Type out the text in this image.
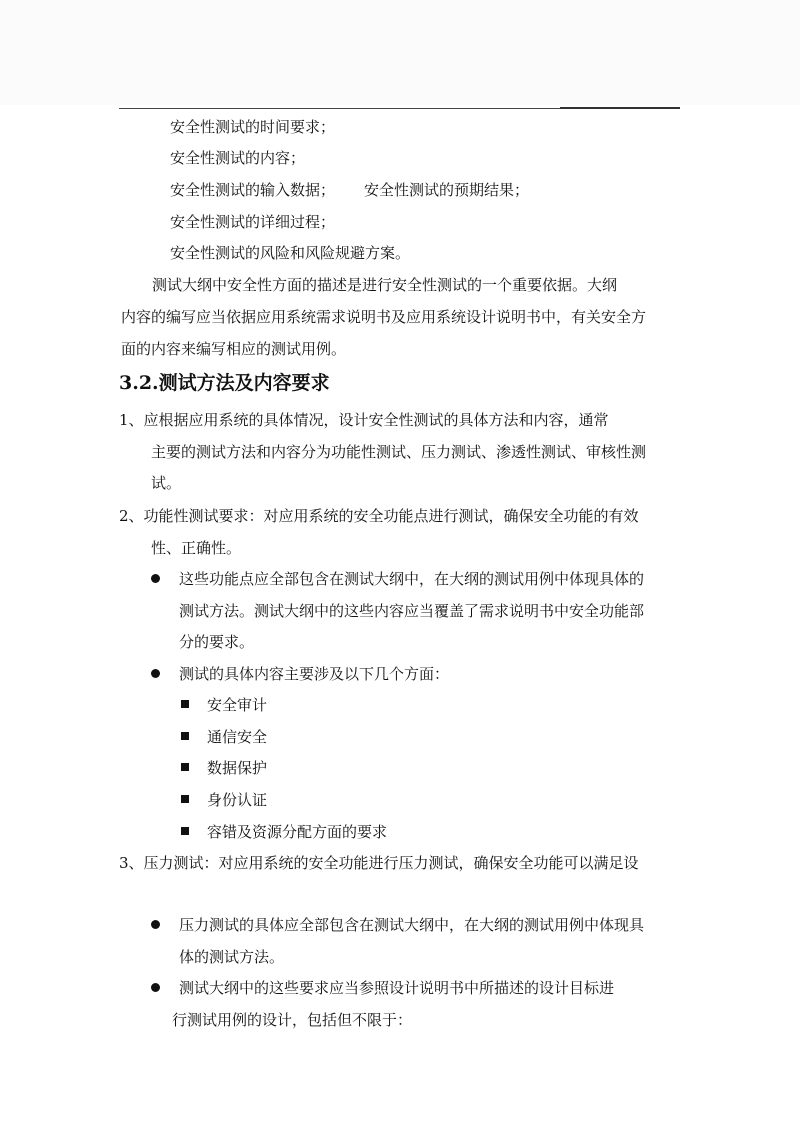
安全性测试的时间要求；
安全性测试的内容；
安全性测试的输入数据； 安全性测试的预期结果；
安全性测试的详细过程；
安全性测试的风险和风险规避方案。
测试大纲中安全性方面的描述是进行安全性测试的一个重要依据。大纲
内容的编写应当依据应用系统需求说明书及应用系统设计说明书中，有关安全方
面的内容来编写相应的测试用例。
3.2.测试方法及内容要求
1、应根据应用系统的具体情况，设计安全性测试的具体方法和内容，通常
主要的测试方法和内容分为功能性测试、压力测试、渗透性测试、审核性测
试。
2、功能性测试要求：对应用系统的安全功能点进行测试，确保安全功能的有效
性、正确性。
这些功能点应全部包含在测试大纲中，在大纲的测试用例中体现具体的
测试方法。测试大纲中的这些内容应当覆盖了需求说明书中安全功能部
分的要求。
测试的具体内容主要涉及以下几个方面：
安全审计
通信安全
数据保护
身份认证
容错及资源分配方面的要求
3、压力测试：对应用系统的安全功能进行压力测试，确保安全功能可以满足设
压力测试的具体应全部包含在测试大纲中，在大纲的测试用例中体现具
体的测试方法。
测试大纲中的这些要求应当参照设计说明书中所描述的设计目标进
行测试用例的设计，包括但不限于：
